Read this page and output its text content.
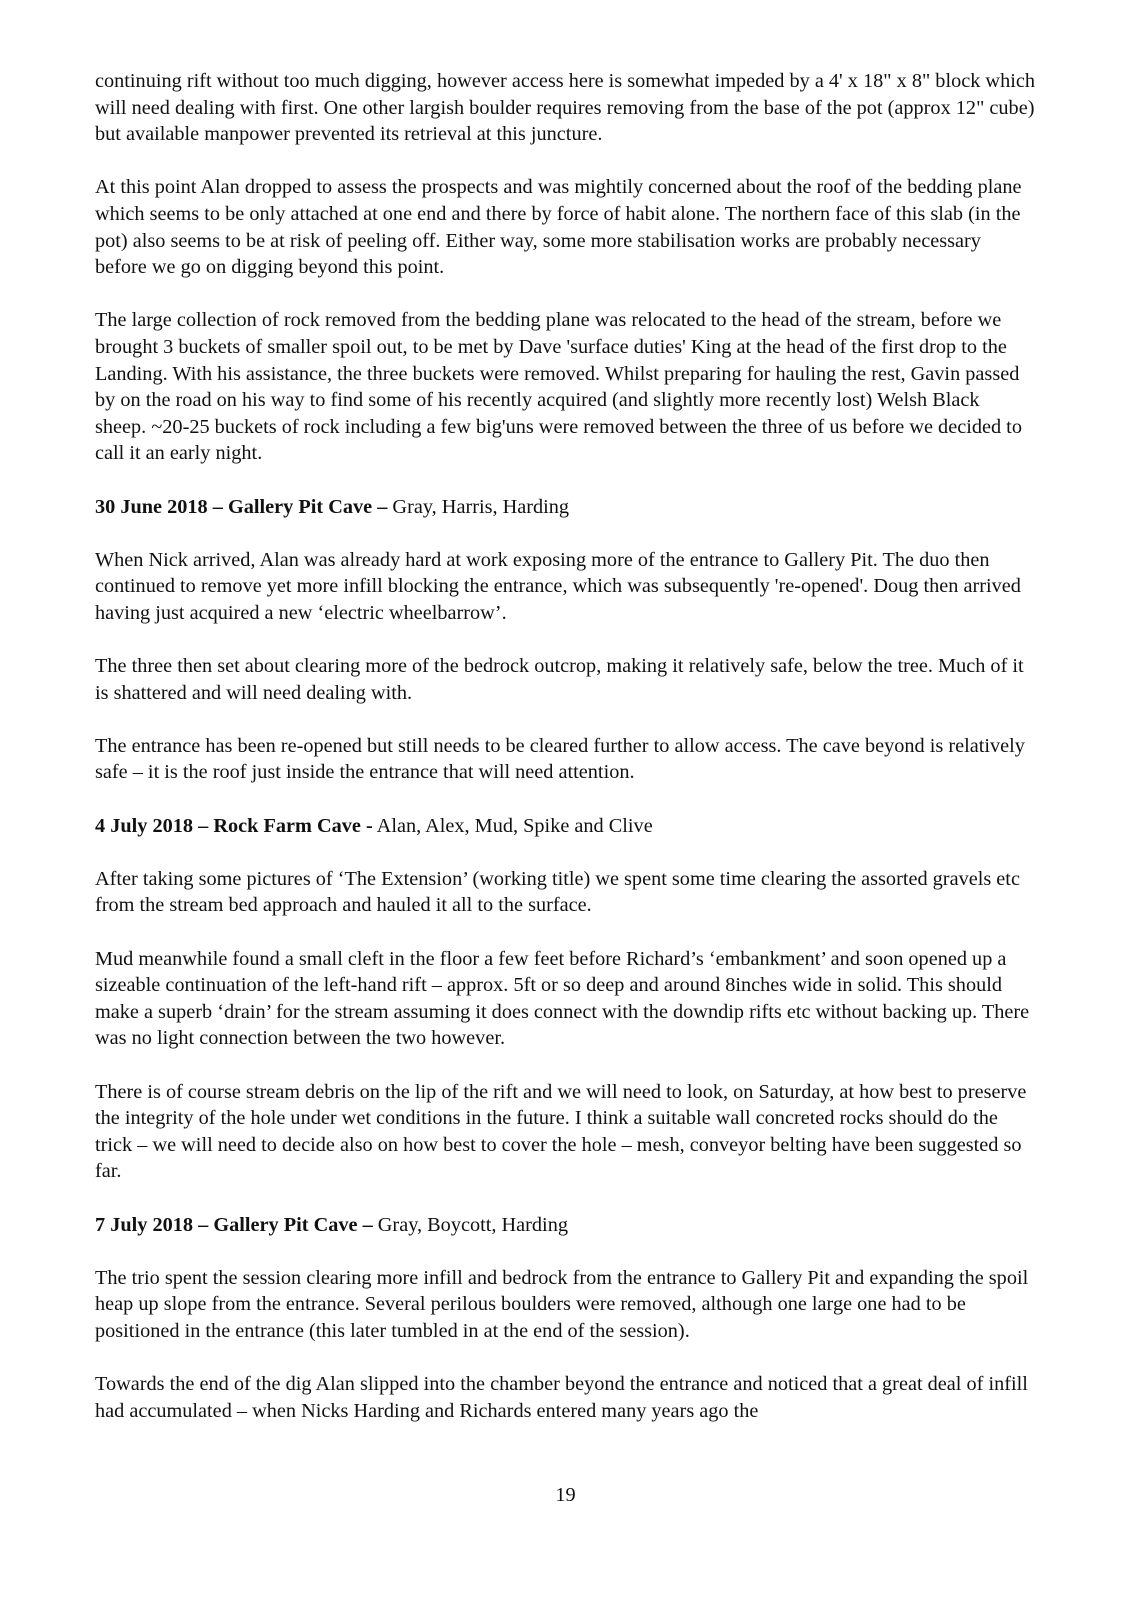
continuing rift without too much digging, however access here is somewhat impeded by a 4' x 18" x 8" block which will need dealing with first. One other largish boulder requires removing from the base of the pot (approx 12" cube) but available manpower prevented its retrieval at this juncture.

At this point Alan dropped to assess the prospects and was mightily concerned about the roof of the bedding plane which seems to be only attached at one end and there by force of habit alone. The northern face of this slab (in the pot) also seems to be at risk of peeling off. Either way, some more stabilisation works are probably necessary before we go on digging beyond this point.

The large collection of rock removed from the bedding plane was relocated to the head of the stream, before we brought 3 buckets of smaller spoil out, to be met by Dave 'surface duties' King at the head of the first drop to the Landing. With his assistance, the three buckets were removed. Whilst preparing for hauling the rest, Gavin passed by on the road on his way to find some of his recently acquired (and slightly more recently lost) Welsh Black sheep. ~20-25 buckets of rock including a few big'uns were removed between the three of us before we decided to call it an early night.

30 June 2018 – Gallery Pit Cave – Gray, Harris, Harding

When Nick arrived, Alan was already hard at work exposing more of the entrance to Gallery Pit. The duo then continued to remove yet more infill blocking the entrance, which was subsequently 're-opened'. Doug then arrived having just acquired a new ‘electric wheelbarrow’.

The three then set about clearing more of the bedrock outcrop, making it relatively safe, below the tree. Much of it is shattered and will need dealing with.

The entrance has been re-opened but still needs to be cleared further to allow access. The cave beyond is relatively safe – it is the roof just inside the entrance that will need attention.

4 July 2018 – Rock Farm Cave - Alan, Alex, Mud, Spike and Clive

After taking some pictures of ‘The Extension’ (working title) we spent some time clearing the assorted gravels etc from the stream bed approach and hauled it all to the surface.

Mud meanwhile found a small cleft in the floor a few feet before Richard’s ‘embankment’ and soon opened up a sizeable continuation of the left-hand rift – approx. 5ft or so deep and around 8inches wide in solid. This should make a superb ‘drain’ for the stream assuming it does connect with the downdip rifts etc without backing up. There was no light connection between the two however.

There is of course stream debris on the lip of the rift and we will need to look, on Saturday, at how best to preserve the integrity of the hole under wet conditions in the future. I think a suitable wall concreted rocks should do the trick – we will need to decide also on how best to cover the hole – mesh, conveyor belting have been suggested so far.

7 July 2018 – Gallery Pit Cave – Gray, Boycott, Harding

The trio spent the session clearing more infill and bedrock from the entrance to Gallery Pit and expanding the spoil heap up slope from the entrance. Several perilous boulders were removed, although one large one had to be positioned in the entrance (this later tumbled in at the end of the session).

Towards the end of the dig Alan slipped into the chamber beyond the entrance and noticed that a great deal of infill had accumulated – when Nicks Harding and Richards entered many years ago the

19
